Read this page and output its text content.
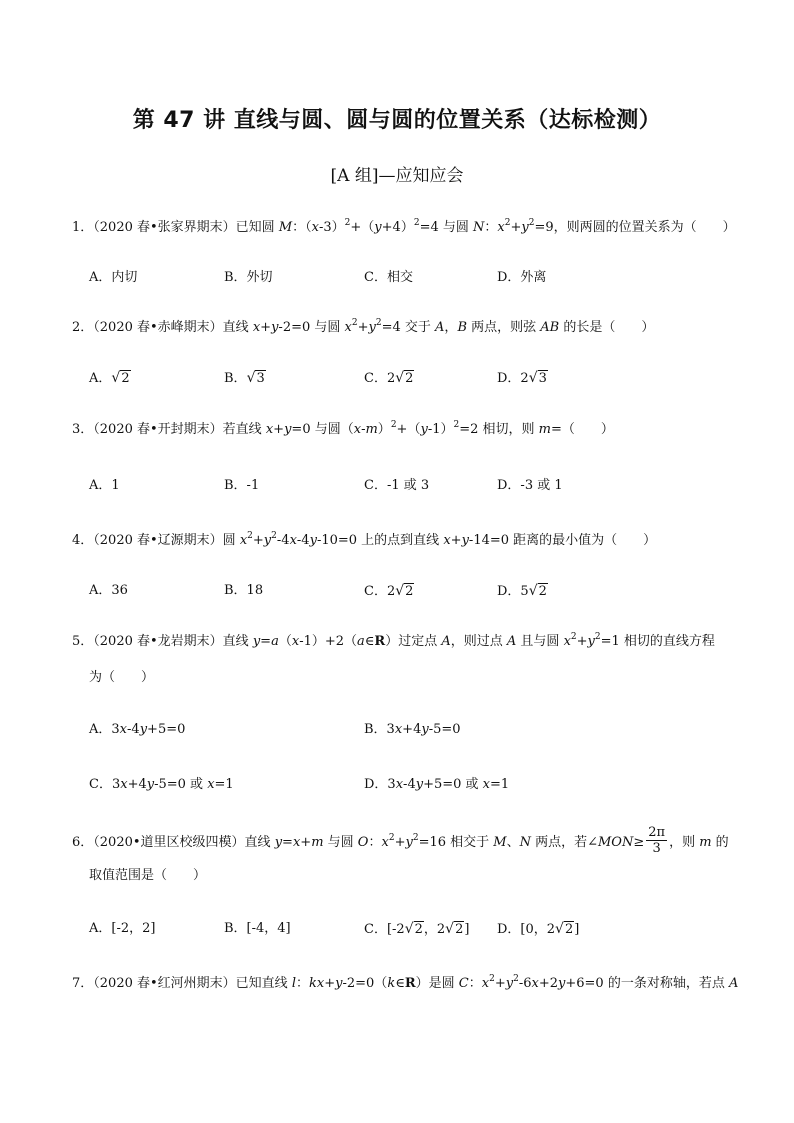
第 47 讲 直线与圆、圆与圆的位置关系（达标检测）
[A 组]—应知应会
1．（2020 春•张家界期末）已知圆 M：$(x-3)^2+(y+4)^2=4$ 与圆 N：$x^2+y^2=9$，则两圆的位置关系为（　　）
A．内切	B．外切	C．相交	D．外离
2．（2020 春•赤峰期末）直线 x+y-2=0 与圆 $x^2+y^2=4$ 交于 A，B 两点，则弦 AB 的长是（　　）
A．√2	B．√3	C．2√2	D．2√3
3．（2020 春•开封期末）若直线 x+y=0 与圆$(x-m)^2+(y-1)^2=2$ 相切，则 m=（　　）
A．1	B．-1	C．-1 或 3	D．-3 或 1
4．（2020 春•辽源期末）圆 $x^2+y^2-4x-4y-10=0$ 上的点到直线 x+y-14=0 距离的最小值为（　　）
A．36	B．18	C．2√2	D．5√2
5．（2020 春•龙岩期末）直线 y=a（x-1）+2（a∈R）过定点 A，则过点 A 且与圆 $x^2+y^2=1$ 相切的直线方程
为（　　）
A．3x-4y+5=0	B．3x+4y-5=0
C．3x+4y-5=0 或 x=1	D．3x-4y+5=0 或 x=1
6．（2020•道里区校级四模）直线 y=x+m 与圆 O：$x^2+y^2=16$ 相交于 M、N 两点，若∠MON≥ $\frac{2\pi}{3}$ ，则 m 的
取值范围是（　　）
A．[-2，2]	B．[-4，4]	C．[-2√2，2√2] D．[0，2√2]
7．（2020 春•红河州期末）已知直线 l：kx+y-2=0（k∈R）是圆 C：$x^2+y^2-6x+2y+6=0$ 的一条对称轴，若点 A
